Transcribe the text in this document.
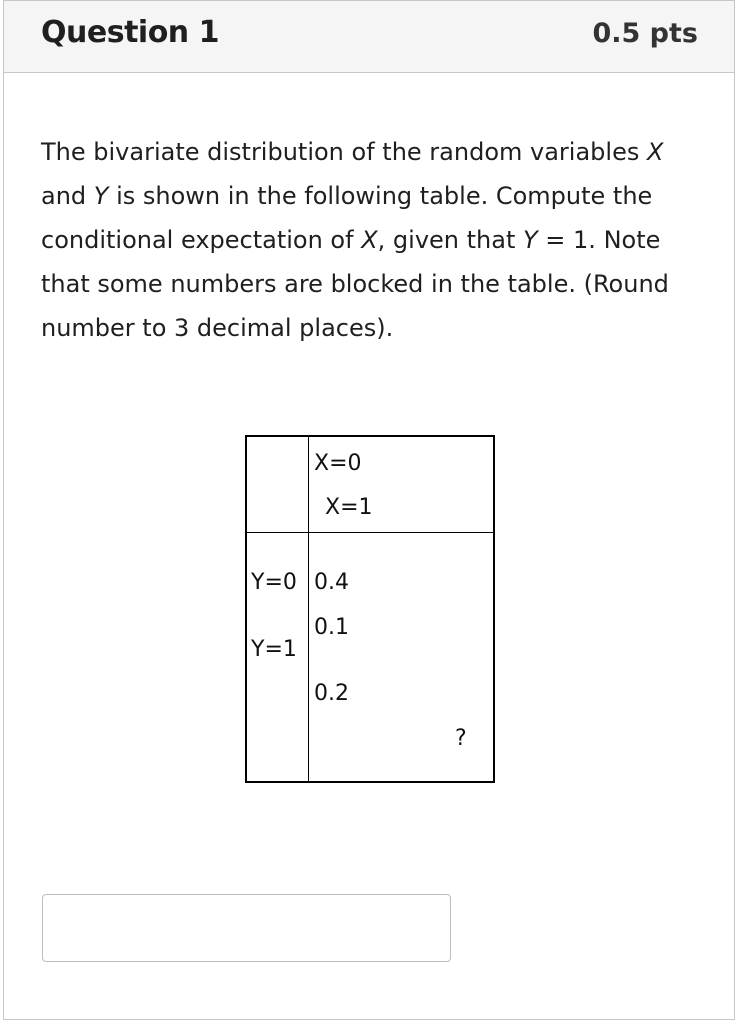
Question 1	0.5 pts

The bivariate distribution of the random variables X

and Y is shown in the following table. Compute the

conditional expectation of X, given that Y = 1. Note

that some numbers are blocked in the table. (Round

number to 3 decimal places).

X=0
X=1
Y=0
Y=1
0.4
0.1
0.2
?
